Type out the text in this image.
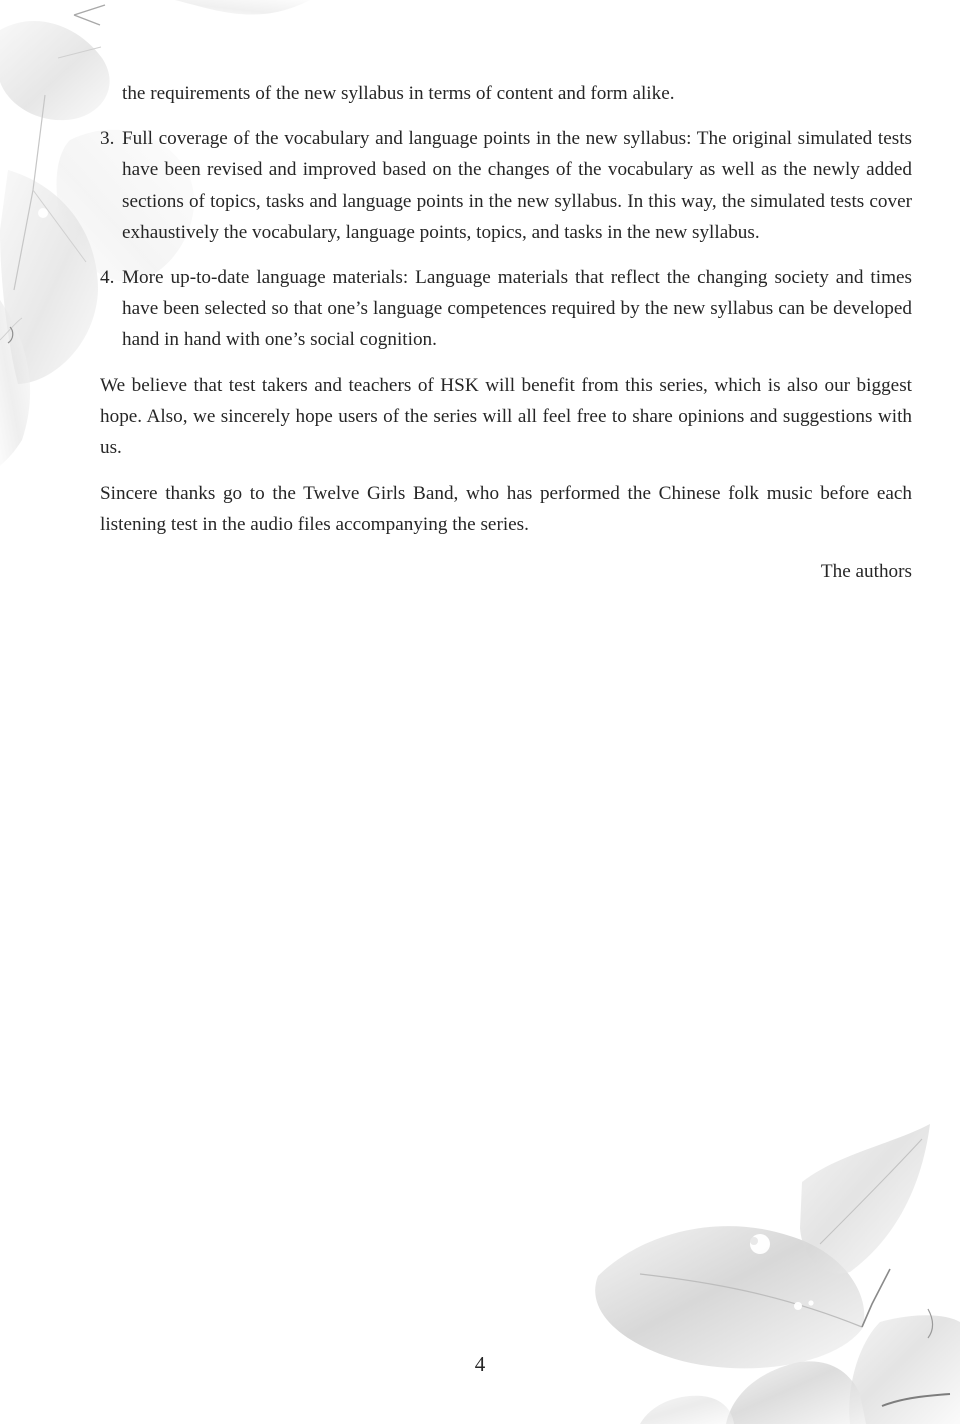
the requirements of the new syllabus in terms of content and form alike.

3. Full coverage of the vocabulary and language points in the new syllabus: The original simulated tests have been revised and improved based on the changes of the vocabulary as well as the newly added sections of topics, tasks and language points in the new syllabus. In this way, the simulated tests cover exhaustively the vocabulary, language points, topics, and tasks in the new syllabus.

4. More up-to-date language materials: Language materials that reflect the changing society and times have been selected so that one’s language competences required by the new syllabus can be developed hand in hand with one’s social cognition.

We believe that test takers and teachers of HSK will benefit from this series, which is also our biggest hope. Also, we sincerely hope users of the series will all feel free to share opinions and suggestions with us.

Sincere thanks go to the Twelve Girls Band, who has performed the Chinese folk music before each listening test in the audio files accompanying the series.

The authors

4
